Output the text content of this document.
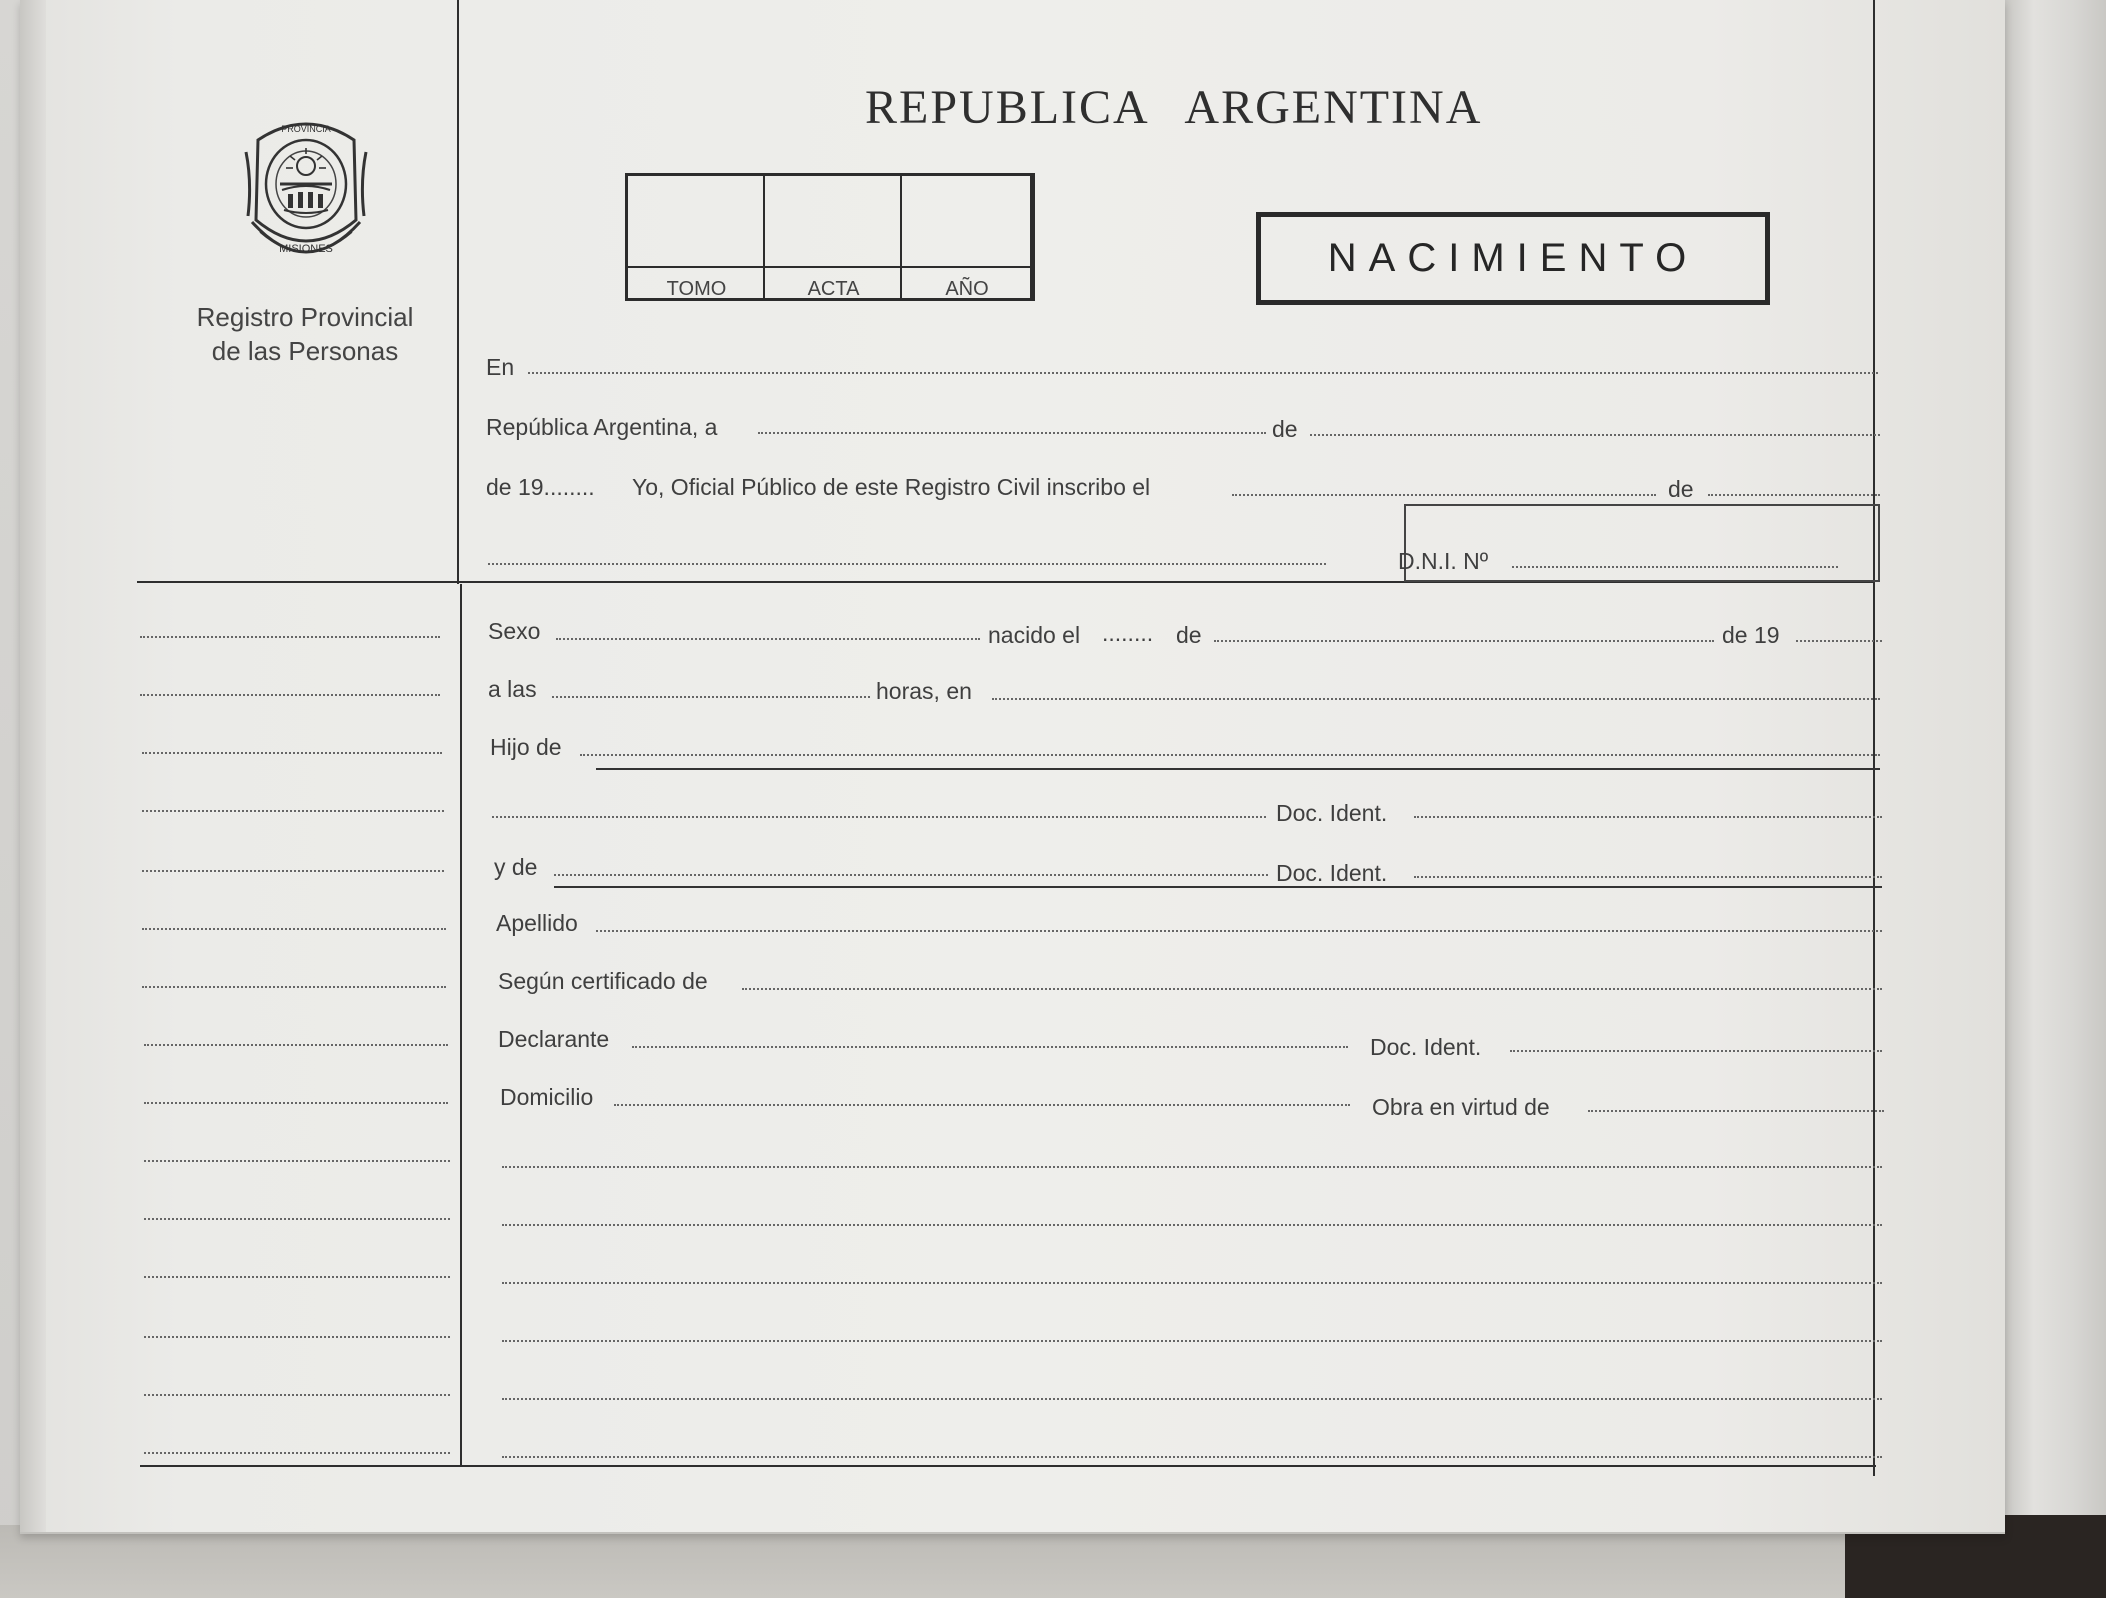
MISIONES
PROVINCIA
Registro Provincial
de las Personas
REPUBLICA ARGENTINA
TOMO	ACTA	AÑO
NACIMIENTO
En
República Argentina, a	de
de 19........ Yo, Oficial Público de este Registro Civil inscribo el	de
D.N.I. Nº
Sexo	nacido el ........ de	de 19
a las	horas, en
Hijo de
Doc. Ident.
y de	Doc. Ident.
Apellido
Según certificado de
Declarante	Doc. Ident.
Domicilio	Obra en virtud de
